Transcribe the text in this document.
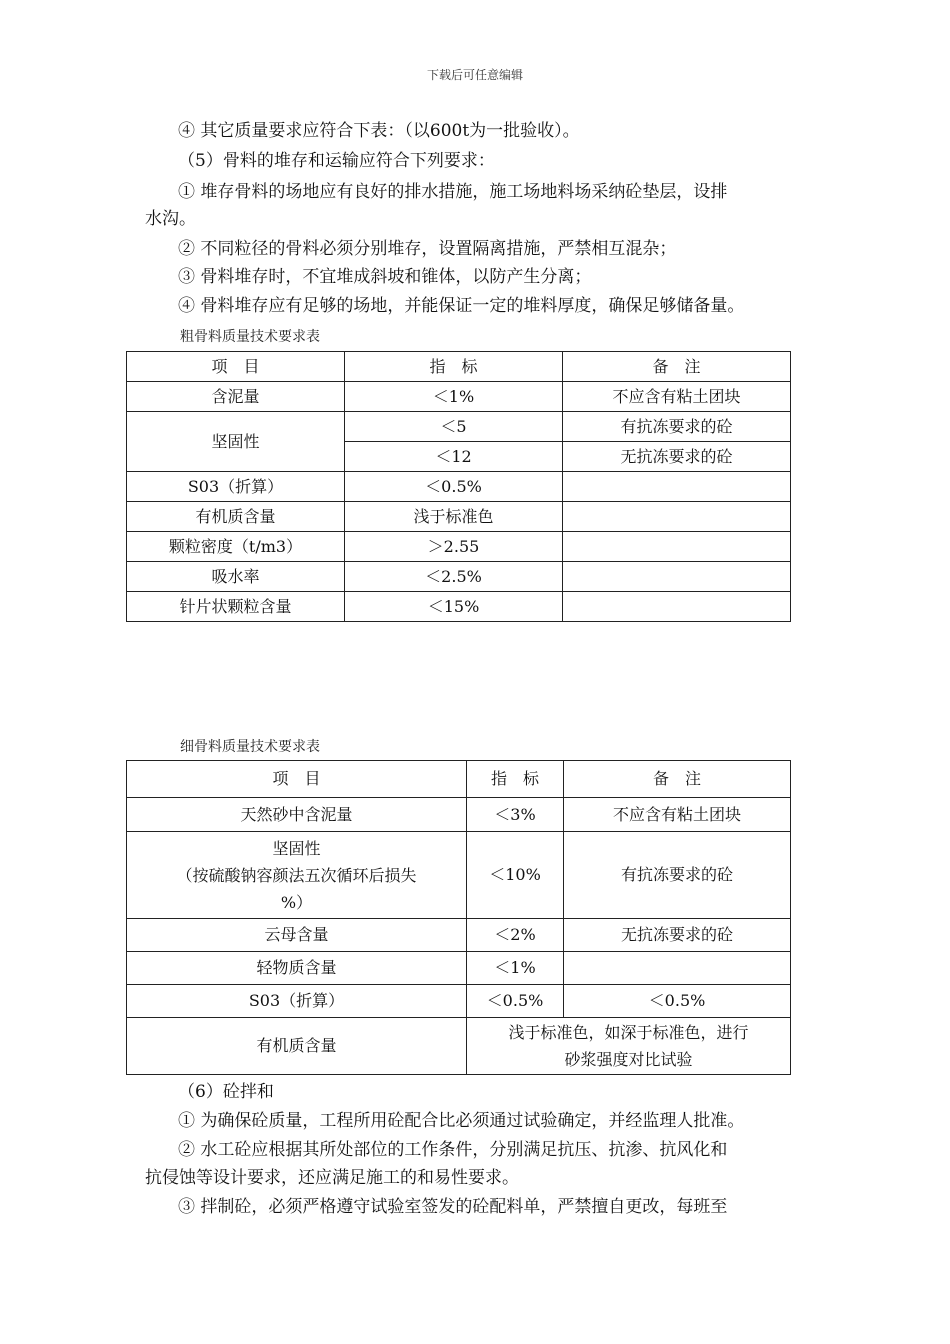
下载后可任意编辑
④ 其它质量要求应符合下表：（以600t为一批验收）。
（5）骨料的堆存和运输应符合下列要求：
① 堆存骨料的场地应有良好的排水措施，施工场地料场采纳砼垫层，设排
水沟。
② 不同粒径的骨料必须分别堆存，设置隔离措施，严禁相互混杂；
③ 骨料堆存时，不宜堆成斜坡和锥体，以防产生分离；
④ 骨料堆存应有足够的场地，并能保证一定的堆料厚度，确保足够储备量。
粗骨料质量技术要求表
项　目	指　标	备　注
含泥量	＜1%	不应含有粘土团块
坚固性	＜5	有抗冻要求的砼
	＜12	无抗冻要求的砼
S03（折算）	＜0.5%	
有机质含量	浅于标准色	
颗粒密度（t/m3）	＞2.55	
吸水率	＜2.5%	
针片状颗粒含量	＜15%	
细骨料质量技术要求表
项　目	指　标	备　注
天然砂中含泥量	＜3%	不应含有粘土团块

坚固性
（按硫酸钠容颜法五次循环后损失
%）	＜10%	有抗冻要求的砼
云母含量	＜2%	无抗冻要求的砼
轻物质含量	＜1%	
S03（折算）	＜0.5%	＜0.5%
有机质含量	浅于标准色，如深于标准色，进行
砂浆强度对比试验	
（6）砼拌和
① 为确保砼质量，工程所用砼配合比必须通过试验确定，并经监理人批准。
② 水工砼应根据其所处部位的工作条件，分别满足抗压、抗渗、抗风化和
抗侵蚀等设计要求，还应满足施工的和易性要求。
③ 拌制砼，必须严格遵守试验室签发的砼配料单，严禁擅自更改，每班至
